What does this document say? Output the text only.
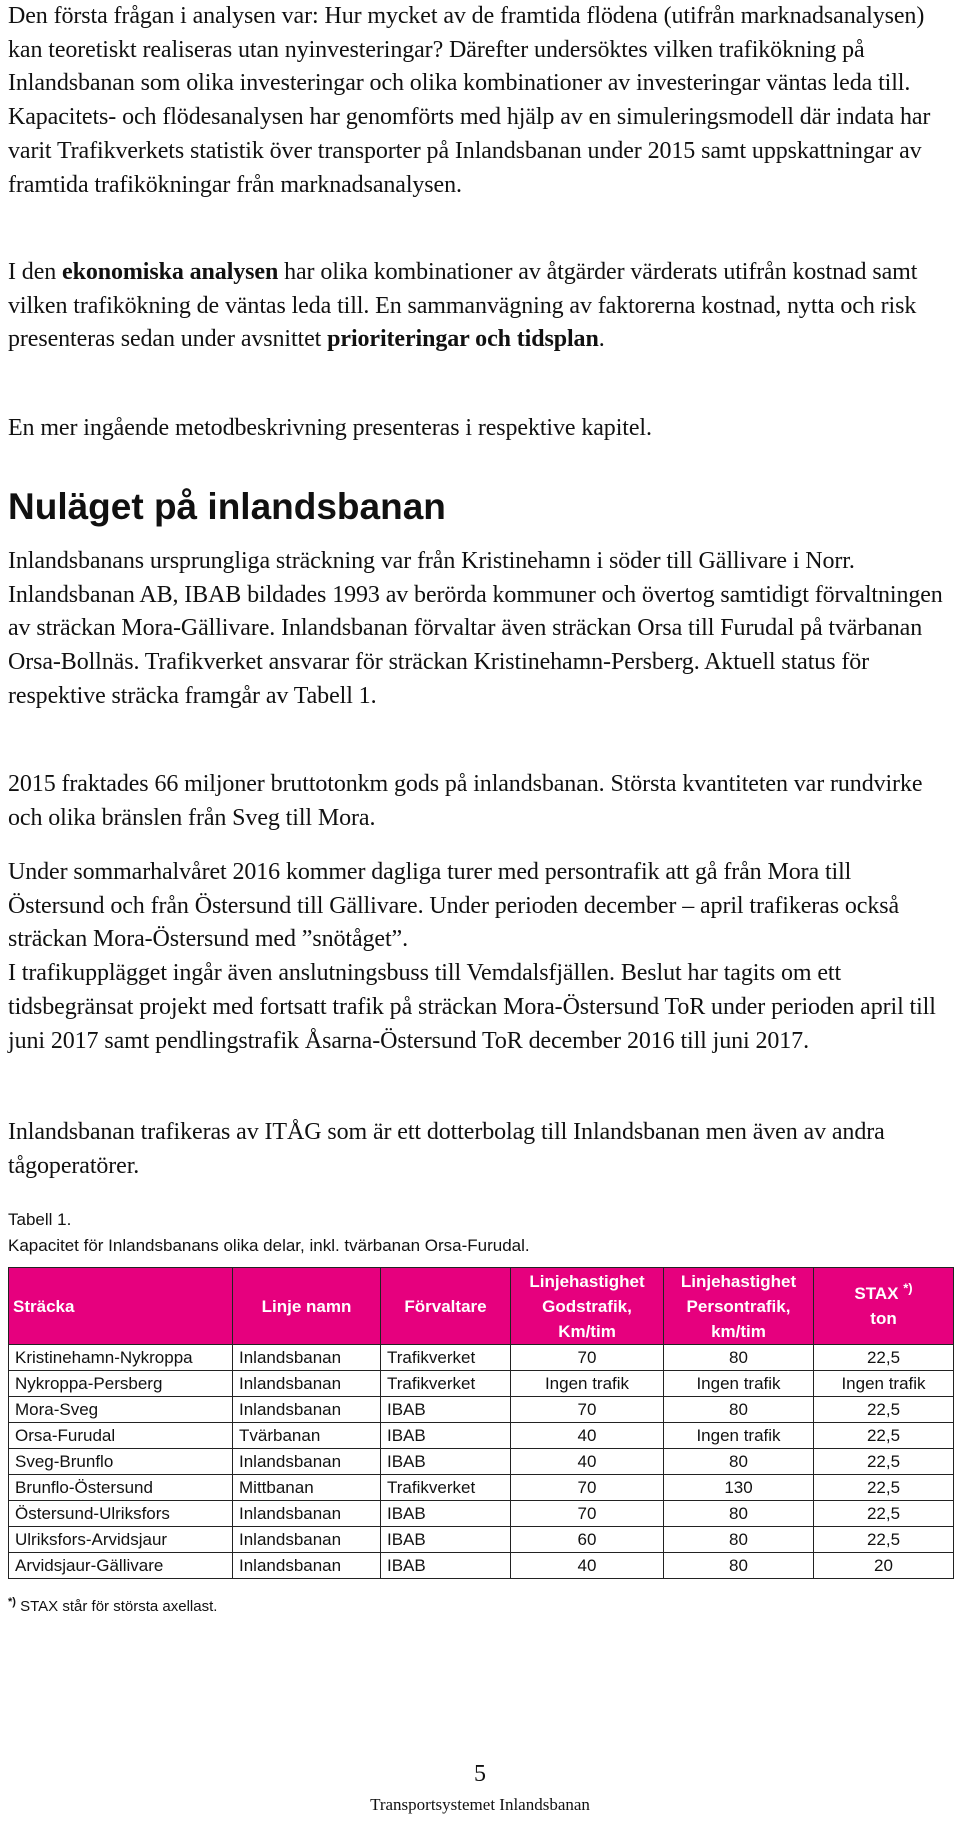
Den första frågan i analysen var: Hur mycket av de framtida flödena (utifrån marknadsanalysen) kan teoretiskt realiseras utan nyinvesteringar? Därefter undersöktes vilken trafikökning på Inlandsbanan som olika investeringar och olika kombinationer av investeringar väntas leda till. Kapacitets- och flödesanalysen har genomförts med hjälp av en simuleringsmodell där indata har varit Trafikverkets statistik över transporter på Inlandsbanan under 2015 samt uppskattningar av framtida trafikökningar från marknadsanalysen.

I den ekonomiska analysen har olika kombinationer av åtgärder värderats utifrån kostnad samt vilken trafikökning de väntas leda till. En sammanvägning av faktorerna kostnad, nytta och risk presenteras sedan under avsnittet prioriteringar och tidsplan.

En mer ingående metodbeskrivning presenteras i respektive kapitel.

Nuläget på inlandsbanan

Inlandsbanans ursprungliga sträckning var från Kristinehamn i söder till Gällivare i Norr. Inlandsbanan AB, IBAB bildades 1993 av berörda kommuner och övertog samtidigt förvaltningen av sträckan Mora-Gällivare. Inlandsbanan förvaltar även sträckan Orsa till Furudal på tvärbanan Orsa-Bollnäs. Trafikverket ansvarar för sträckan Kristinehamn-Persberg. Aktuell status för respektive sträcka framgår av Tabell 1.

2015 fraktades 66 miljoner bruttotonkm gods på inlandsbanan. Största kvantiteten var rundvirke och olika bränslen från Sveg till Mora.

Under sommarhalvåret 2016 kommer dagliga turer med persontrafik att gå från Mora till Östersund och från Östersund till Gällivare. Under perioden december – april trafikeras också sträckan Mora-Östersund med ”snötåget”.
I trafikupplägget ingår även anslutningsbuss till Vemdalsfjällen. Beslut har tagits om ett tidsbegränsat projekt med fortsatt trafik på sträckan Mora-Östersund ToR under perioden april till juni 2017 samt pendlingstrafik Åsarna-Östersund ToR december 2016 till juni 2017.

Inlandsbanan trafikeras av ITÅG som är ett dotterbolag till Inlandsbanan men även av andra tågoperatörer.

Tabell 1.

Kapacitet för Inlandsbanans olika delar, inkl. tvärbanan Orsa-Furudal.

Sträcka	Linje namn	Förvaltare	Linjehastighet Godstrafik, Km/tim	Linjehastighet Persontrafik, km/tim	STAX *)
ton
Kristinehamn-Nykroppa	Inlandsbanan	Trafikverket	70	80	22,5
Nykroppa-Persberg	Inlandsbanan	Trafikverket	Ingen trafik	Ingen trafik	Ingen trafik
Mora-Sveg	Inlandsbanan	IBAB	70	80	22,5
Orsa-Furudal	Tvärbanan	IBAB	40	Ingen trafik	22,5
Sveg-Brunflo	Inlandsbanan	IBAB	40	80	22,5
Brunflo-Östersund	Mittbanan	Trafikverket	70	130	22,5
Östersund-Ulriksfors	Inlandsbanan	IBAB	70	80	22,5
Ulriksfors-Arvidsjaur	Inlandsbanan	IBAB	60	80	22,5
Arvidsjaur-Gällivare	Inlandsbanan	IBAB	40	80	20
*) STAX står för största axellast.
5
Transportsystemet Inlandsbanan
